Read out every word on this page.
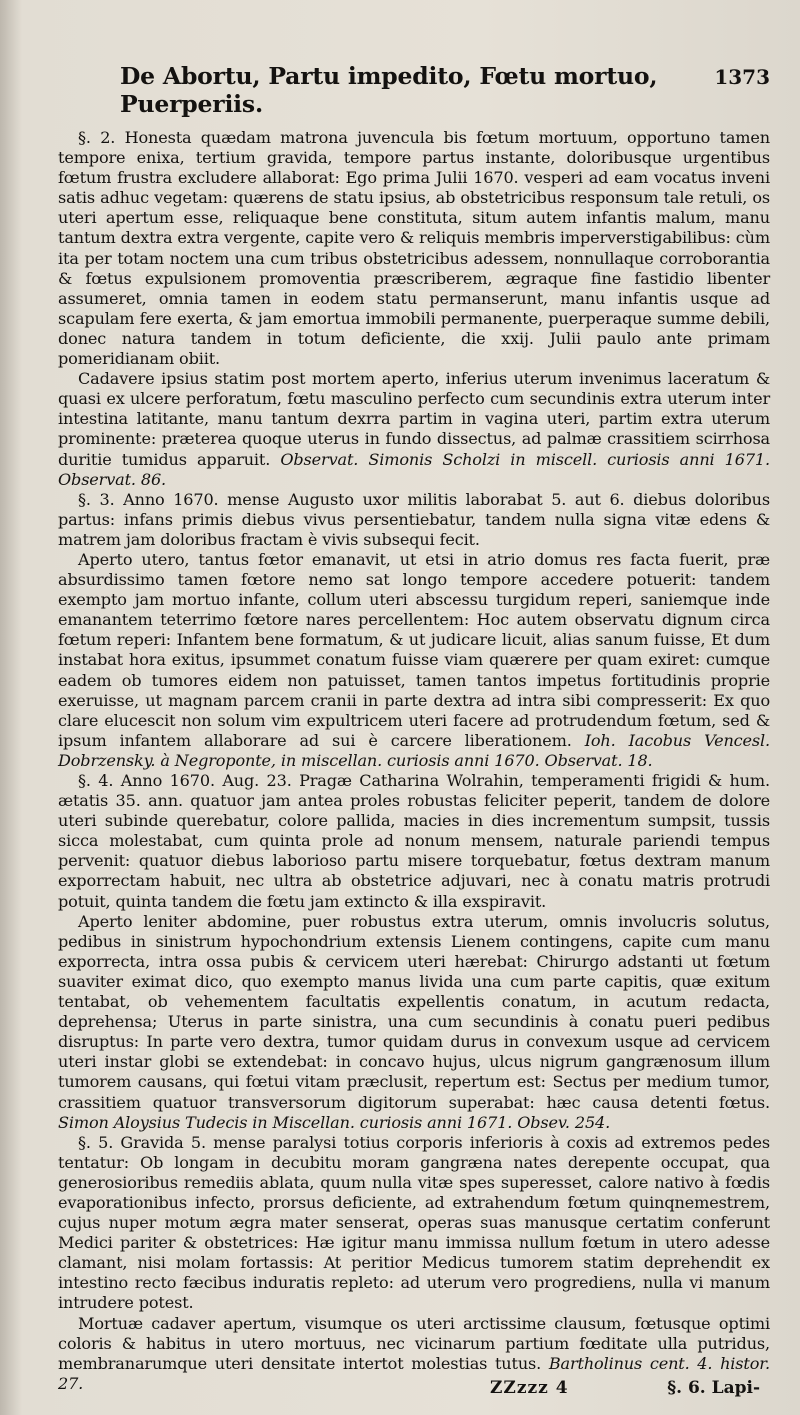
De Abortu, Partu impedito, Fœtu mortuo, Puerperiis.
1373

§. 2. Honesta quædam matrona juvencula bis fœtum mortuum, opportuno tamen tempore enixa, tertium gravida, tempore partus instante, doloribusque urgentibus fœtum frustra excludere allaborat: Ego prima Julii 1670. vesperi ad eam vocatus inveni satis adhuc vegetam: quærens de statu ipsius, ab obstetricibus responsum tale retuli, os uteri apertum esse, reliquaque bene constituta, situm autem infantis malum, manu tantum dextra extra vergente, capite vero & reliquis membris imperverstigabilibus: cùm ita per totam noctem una cum tribus obstetricibus adessem, nonnullaque corroborantia & fœtus expulsionem promoventia præscriberem, ægraque fine fastidio libenter assumeret, omnia tamen in eodem statu permanserunt, manu infantis usque ad scapulam fere exerta, & jam emortua immobili permanente, puerperaque summe debili, donec natura tandem in totum deficiente, die xxij. Julii paulo ante primam pomeridianam obiit.

Cadavere ipsius statim post mortem aperto, inferius uterum invenimus laceratum & quasi ex ulcere perforatum, fœtu masculino perfecto cum secundinis extra uterum inter intestina latitante, manu tantum dexrra partim in vagina uteri, partim extra uterum prominente: præterea quoque uterus in fundo dissectus, ad palmæ crassitiem scirrhosa duritie tumidus apparuit. Observat. Simonis Scholzi in miscell. curiosis anni 1671. Observat. 86.

§. 3. Anno 1670. mense Augusto uxor militis laborabat 5. aut 6. diebus doloribus partus: infans primis diebus vivus persentiebatur, tandem nulla signa vitæ edens & matrem jam doloribus fractam è vivis subsequi fecit.

Aperto utero, tantus fœtor emanavit, ut etsi in atrio domus res facta fuerit, præ absurdissimo tamen fœtore nemo sat longo tempore accedere potuerit: tandem exempto jam mortuo infante, collum uteri abscessu turgidum reperi, saniemque inde emanantem teterrimo fœtore nares percellentem: Hoc autem observatu dignum circa fœtum reperi: Infantem bene formatum, & ut judicare licuit, alias sanum fuisse, Et dum instabat hora exitus, ipsummet conatum fuisse viam quærere per quam exiret: cumque eadem ob tumores eidem non patuisset, tamen tantos impetus fortitudinis proprie exeruisse, ut magnam parcem cranii in parte dextra ad intra sibi compresserit: Ex quo clare elucescit non solum vim expultricem uteri facere ad protrudendum fœtum, sed & ipsum infantem allaborare ad sui è carcere liberationem. Ioh. Iacobus Vencesl. Dobrzensky. à Negroponte, in miscellan. curiosis anni 1670. Observat. 18.

§. 4. Anno 1670. Aug. 23. Pragæ Catharina Wolrahin, temperamenti frigidi & hum. ætatis 35. ann. quatuor jam antea proles robustas feliciter peperit, tandem de dolore uteri subinde querebatur, colore pallida, macies in dies incrementum sumpsit, tussis sicca molestabat, cum quinta prole ad nonum mensem, naturale pariendi tempus pervenit: quatuor diebus laborioso partu misere torquebatur, fœtus dextram manum exporrectam habuit, nec ultra ab obstetrice adjuvari, nec à conatu matris protrudi potuit, quinta tandem die fœtu jam extincto & illa exspiravit.

Aperto leniter abdomine, puer robustus extra uterum, omnis involucris solutus, pedibus in sinistrum hypochondrium extensis Lienem contingens, capite cum manu exporrecta, intra ossa pubis & cervicem uteri hærebat: Chirurgo adstanti ut fœtum suaviter eximat dico, quo exempto manus livida una cum parte capitis, quæ exitum tentabat, ob vehementem facultatis expellentis conatum, in acutum redacta, deprehensa; Uterus in parte sinistra, una cum secundinis à conatu pueri pedibus disruptus: In parte vero dextra, tumor quidam durus in convexum usque ad cervicem uteri instar globi se extendebat: in concavo hujus, ulcus nigrum gangrænosum illum tumorem causans, qui fœtui vitam præclusit, repertum est: Sectus per medium tumor, crassitiem quatuor transversorum digitorum superabat: hæc causa detenti fœtus. Simon Aloysius Tudecis in Miscellan. curiosis anni 1671. Obsev. 254.

§. 5. Gravida 5. mense paralysi totius corporis inferioris à coxis ad extremos pedes tentatur: Ob longam in decubitu moram gangræna nates derepente occupat, qua generosioribus remediis ablata, quum nulla vitæ spes superesset, calore nativo à fœdis evaporationibus infecto, prorsus deficiente, ad extrahendum fœtum quinqnemestrem, cujus nuper motum ægra mater senserat, operas suas manusque certatim conferunt Medici pariter & obstetrices: Hæ igitur manu immissa nullum fœtum in utero adesse clamant, nisi molam fortassis: At peritior Medicus tumorem statim deprehendit ex intestino recto fæcibus induratis repleto: ad uterum vero progrediens, nulla vi manum intrudere potest.

Mortuæ cadaver apertum, visumque os uteri arctissime clausum, fœtusque optimi coloris & habitus in utero mortuus, nec vicinarum partium fœditate ulla putridus, membranarumque uteri densitate intertot molestias tutus. Bartholinus cent. 4. histor. 27.	ZZzzz 4	§. 6. Lapi-
